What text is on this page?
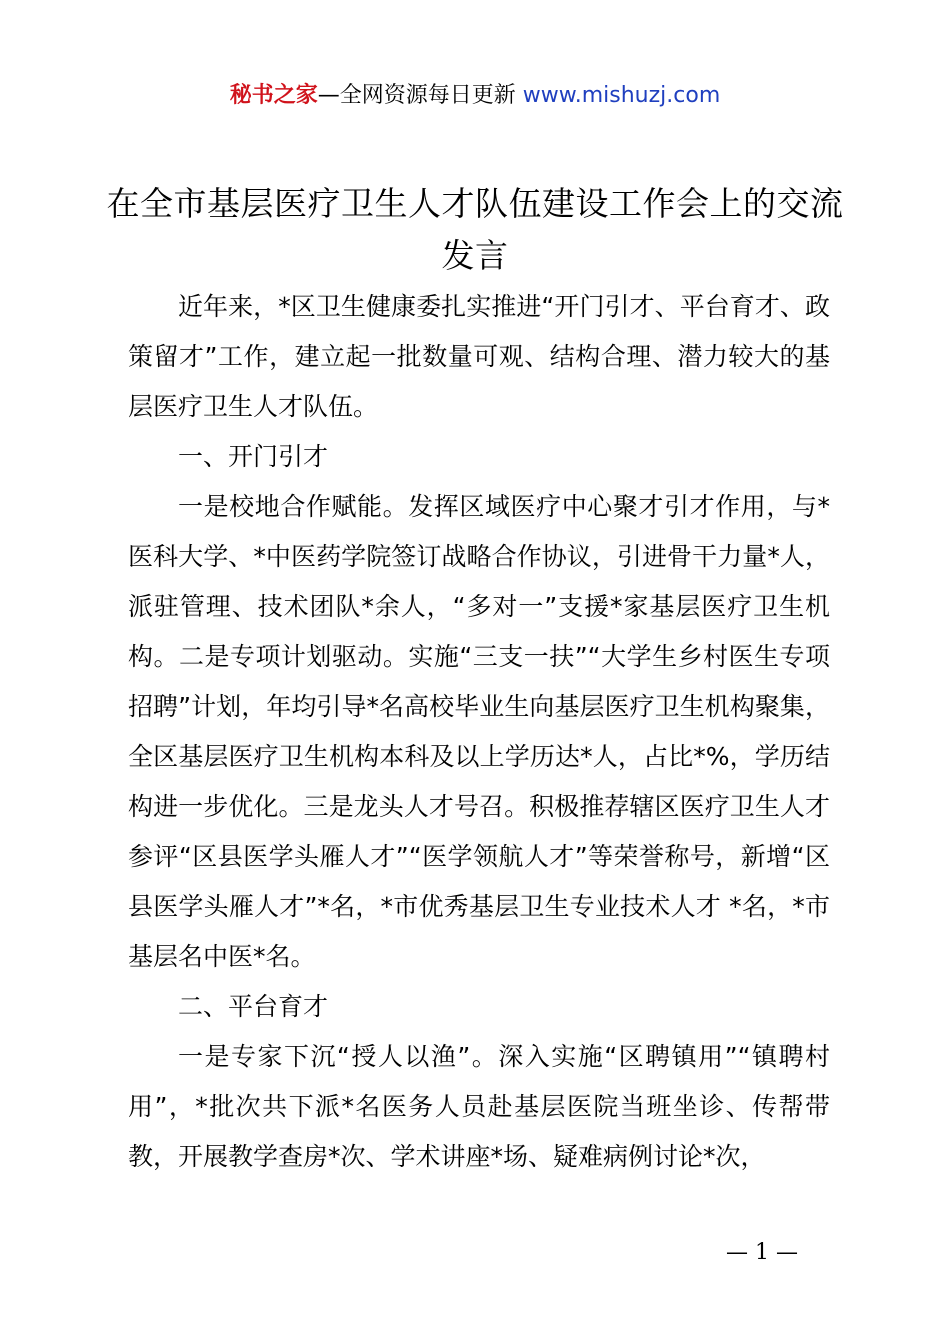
秘书之家—全网资源每日更新 www.mishuzj.com
在全市基层医疗卫生人才队伍建设工作会上的交流发言

近年来，*区卫生健康委扎实推进“开门引才、平台育才、政策留才”工作，建立起一批数量可观、结构合理、潜力较大的基层医疗卫生人才队伍。

一、开门引才

一是校地合作赋能。发挥区域医疗中心聚才引才作用，与*医科大学、*中医药学院签订战略合作协议，引进骨干力量*人，派驻管理、技术团队*余人，“多对一”支援*家基层医疗卫生机构。二是专项计划驱动。实施“三支一扶”“大学生乡村医生专项招聘”计划，年均引导*名高校毕业生向基层医疗卫生机构聚集，全区基层医疗卫生机构本科及以上学历达*人，占比*%，学历结构进一步优化。三是龙头人才号召。积极推荐辖区医疗卫生人才参评“区县医学头雁人才”“医学领航人才”等荣誉称号，新增“区县医学头雁人才”*名，*市优秀基层卫生专业技术人才 *名，*市基层名中医*名。

二、平台育才

一是专家下沉“授人以渔”。深入实施“区聘镇用”“镇聘村用”，*批次共下派*名医务人员赴基层医院当班坐诊、传帮带教，开展教学查房*次、学术讲座*场、疑难病例讨论*次，

— 1 —
